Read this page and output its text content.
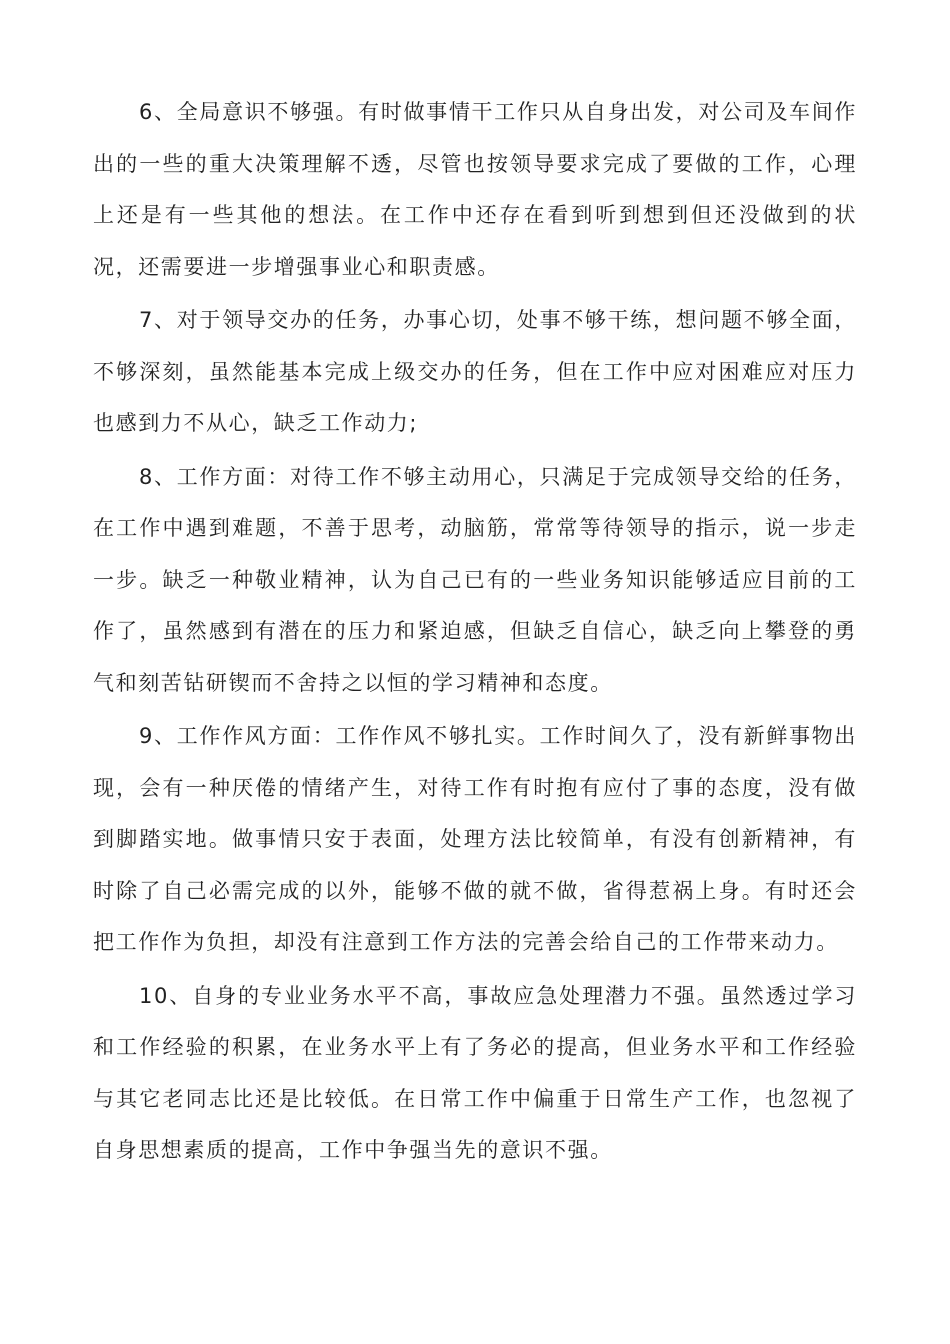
6、全局意识不够强。有时做事情干工作只从自身出发，对公司及车间作出的一些的重大决策理解不透，尽管也按领导要求完成了要做的工作，心理上还是有一些其他的想法。在工作中还存在看到听到想到但还没做到的状况，还需要进一步增强事业心和职责感。

7、对于领导交办的任务，办事心切，处事不够干练，想问题不够全面，不够深刻，虽然能基本完成上级交办的任务，但在工作中应对困难应对压力也感到力不从心，缺乏工作动力;

8、工作方面：对待工作不够主动用心，只满足于完成领导交给的任务，在工作中遇到难题，不善于思考，动脑筋，常常等待领导的指示，说一步走一步。缺乏一种敬业精神，认为自己已有的一些业务知识能够适应目前的工作了，虽然感到有潜在的压力和紧迫感，但缺乏自信心，缺乏向上攀登的勇气和刻苦钻研锲而不舍持之以恒的学习精神和态度。

9、工作作风方面：工作作风不够扎实。工作时间久了，没有新鲜事物出现，会有一种厌倦的情绪产生，对待工作有时抱有应付了事的态度，没有做到脚踏实地。做事情只安于表面，处理方法比较简单，有没有创新精神，有时除了自己必需完成的以外，能够不做的就不做，省得惹祸上身。有时还会把工作作为负担，却没有注意到工作方法的完善会给自己的工作带来动力。

10、自身的专业业务水平不高，事故应急处理潜力不强。虽然透过学习和工作经验的积累，在业务水平上有了务必的提高，但业务水平和工作经验与其它老同志比还是比较低。在日常工作中偏重于日常生产工作，也忽视了自身思想素质的提高，工作中争强当先的意识不强。
